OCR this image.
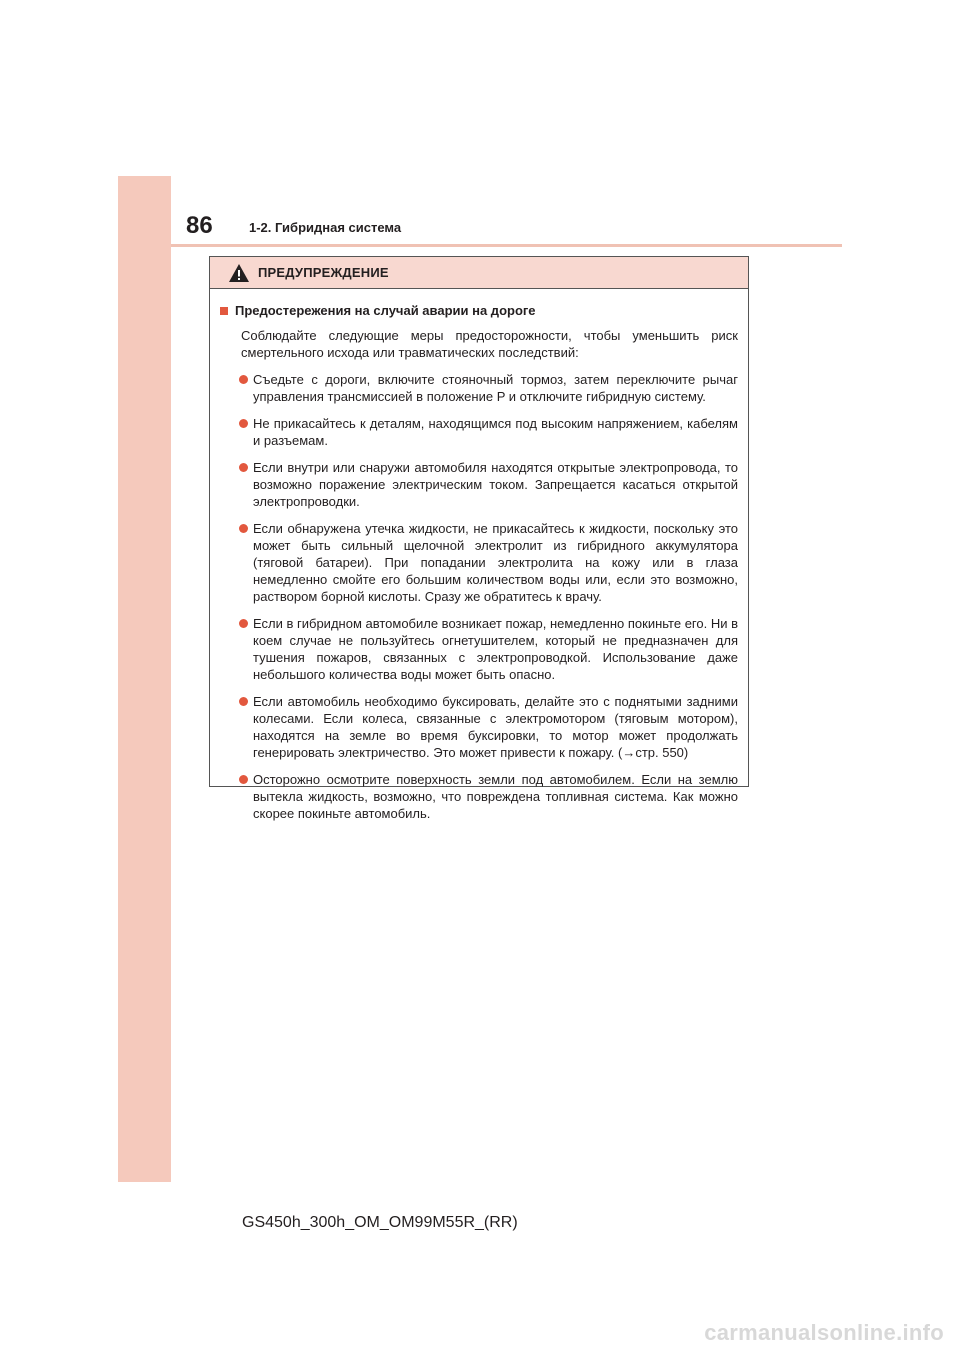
86	1-2. Гибридная система
ПРЕДУПРЕЖДЕНИЕ
Предостережения на случай аварии на дороге
Соблюдайте следующие меры предосторожности, чтобы уменьшить риск смертельного исхода или травматических последствий:
Съедьте с дороги, включите стояночный тормоз, затем переключите рычаг управления трансмиссией в положение P и отключите гибридную систему.
Не прикасайтесь к деталям, находящимся под высоким напряжением, кабелям и разъемам.
Если внутри или снаружи автомобиля находятся открытые электропровода, то возможно поражение электрическим током. Запрещается касаться открытой электропроводки.
Если обнаружена утечка жидкости, не прикасайтесь к жидкости, поскольку это может быть сильный щелочной электролит из гибридного аккумулятора (тяговой батареи). При попадании электролита на кожу или в глаза немедленно смойте его большим количеством воды или, если это возможно, раствором борной кислоты. Сразу же обратитесь к врачу.
Если в гибридном автомобиле возникает пожар, немедленно покиньте его. Ни в коем случае не пользуйтесь огнетушителем, который не предназначен для тушения пожаров, связанных с электропроводкой. Использование даже небольшого количества воды может быть опасно.
Если автомобиль необходимо буксировать, делайте это с поднятыми задними колесами. Если колеса, связанные с электромотором (тяговым мотором), находятся на земле во время буксировки, то мотор может продолжать генерировать электричество. Это может привести к пожару. (→стр. 550)
Осторожно осмотрите поверхность земли под автомобилем. Если на землю вытекла жидкость, возможно, что повреждена топливная система. Как можно скорее покиньте автомобиль.
GS450h_300h_OM_OM99M55R_(RR)
carmanualsonline.info
